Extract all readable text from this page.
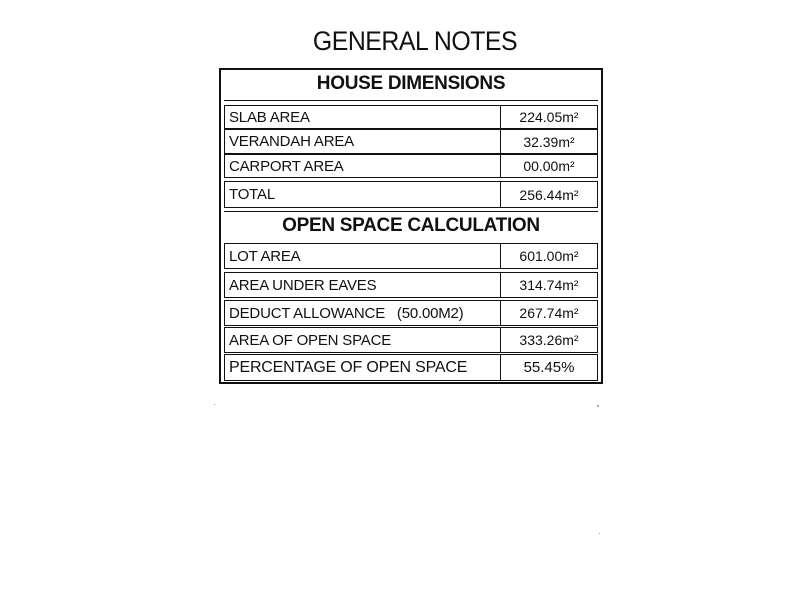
GENERAL NOTES
HOUSE DIMENSIONS
SLAB AREA	224.05m²
VERANDAH AREA	32.39m²
CARPORT AREA	00.00m²
TOTAL	256.44m²
OPEN SPACE CALCULATION
LOT AREA	601.00m²
AREA UNDER EAVES	314.74m²
DEDUCT ALLOWANCE   (50.00M2)	267.74m²
AREA OF OPEN SPACE	333.26m²
PERCENTAGE OF OPEN SPACE	55.45%
